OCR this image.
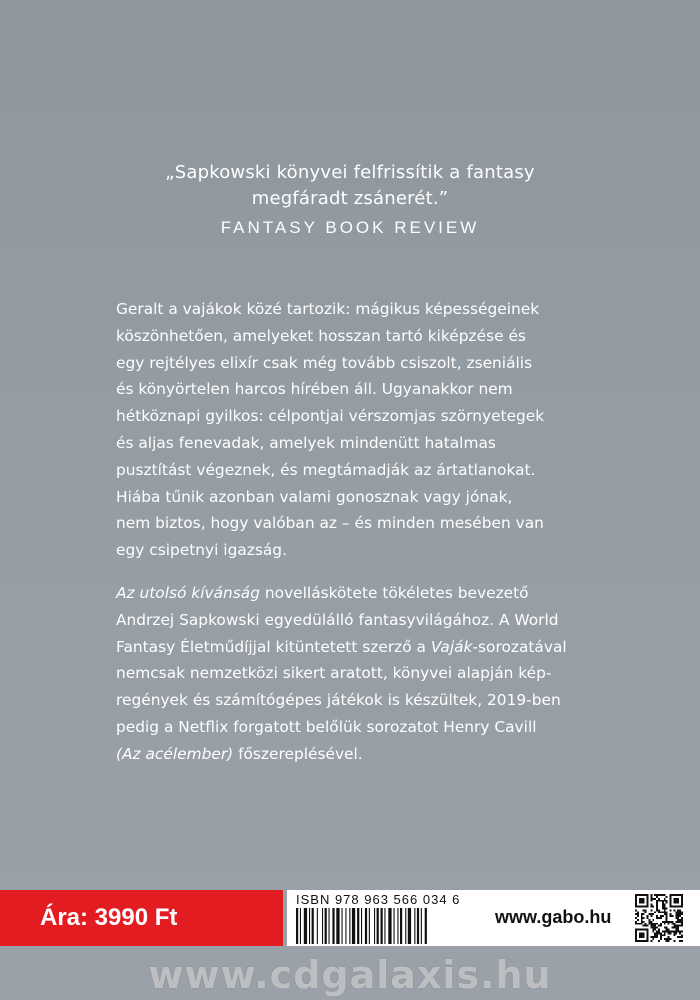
„Sapkowski könyvei felfrissítik a fantasy
megfáradt zsánerét.”
FANTASY BOOK REVIEW
Geralt a vajákok közé tartozik: mágikus képességeinek
köszönhetően, amelyeket hosszan tartó kiképzése és
egy rejtélyes elixír csak még tovább csiszolt, zseniális
és könyörtelen harcos hírében áll. Ugyanakkor nem
hétköznapi gyilkos: célpontjai vérszomjas szörnyetegek
és aljas fenevadak, amelyek mindenütt hatalmas
pusztítást végeznek, és megtámadják az ártatlanokat.
Hiába tűnik azonban valami gonosznak vagy jónak,
nem biztos, hogy valóban az – és minden mesében van
egy csipetnyi igazság.
Az utolsó kívánság novelláskötete tökéletes bevezető
Andrzej Sapkowski egyedülálló fantasyvilágához. A World
Fantasy Életműdíjjal kitüntetett szerző a Vaják-sorozatával
nemcsak nemzetközi sikert aratott, könyvei alapján kép-
regények és számítógépes játékok is készültek, 2019-ben
pedig a Netflix forgatott belőlük sorozatot Henry Cavill
(Az acélember) főszereplésével.
Ára: 3990 Ft
ISBN 978 963 566 034 6
www.gabo.hu
www.cdgalaxis.hu
